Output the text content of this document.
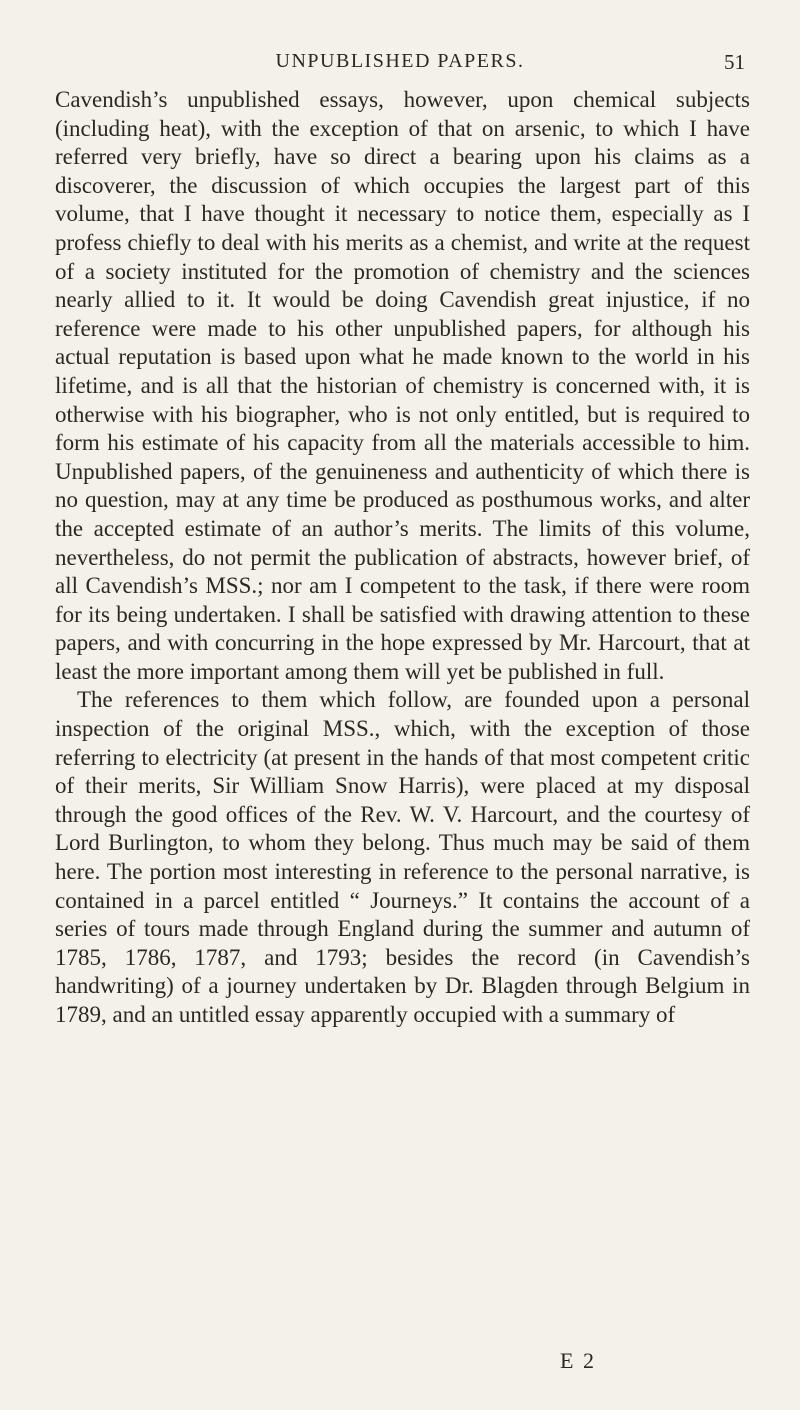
UNPUBLISHED PAPERS.	51

Cavendish’s unpublished essays, however, upon chemical subjects (including heat), with the exception of that on arsenic, to which I have referred very briefly, have so direct a bearing upon his claims as a discoverer, the discussion of which occupies the largest part of this volume, that I have thought it necessary to notice them, especially as I profess chiefly to deal with his merits as a chemist, and write at the request of a society instituted for the promotion of chemistry and the sciences nearly allied to it. It would be doing Cavendish great injustice, if no reference were made to his other unpublished papers, for although his actual reputation is based upon what he made known to the world in his lifetime, and is all that the historian of chemistry is concerned with, it is otherwise with his biographer, who is not only entitled, but is required to form his estimate of his capacity from all the materials accessible to him. Unpublished papers, of the genuineness and authenticity of which there is no question, may at any time be produced as posthumous works, and alter the accepted estimate of an author’s merits. The limits of this volume, nevertheless, do not permit the publication of abstracts, however brief, of all Cavendish’s MSS.; nor am I competent to the task, if there were room for its being undertaken. I shall be satisfied with drawing attention to these papers, and with concurring in the hope expressed by Mr. Harcourt, that at least the more important among them will yet be published in full.

The references to them which follow, are founded upon a personal inspection of the original MSS., which, with the exception of those referring to electricity (at present in the hands of that most competent critic of their merits, Sir William Snow Harris), were placed at my disposal through the good offices of the Rev. W. V. Harcourt, and the courtesy of Lord Burlington, to whom they belong. Thus much may be said of them here. The portion most interesting in reference to the personal narrative, is contained in a parcel entitled “ Journeys.” It contains the account of a series of tours made through England during the summer and autumn of 1785, 1786, 1787, and 1793; besides the record (in Cavendish’s handwriting) of a journey undertaken by Dr. Blagden through Belgium in 1789, and an untitled essay apparently occupied with a summary of

E 2
